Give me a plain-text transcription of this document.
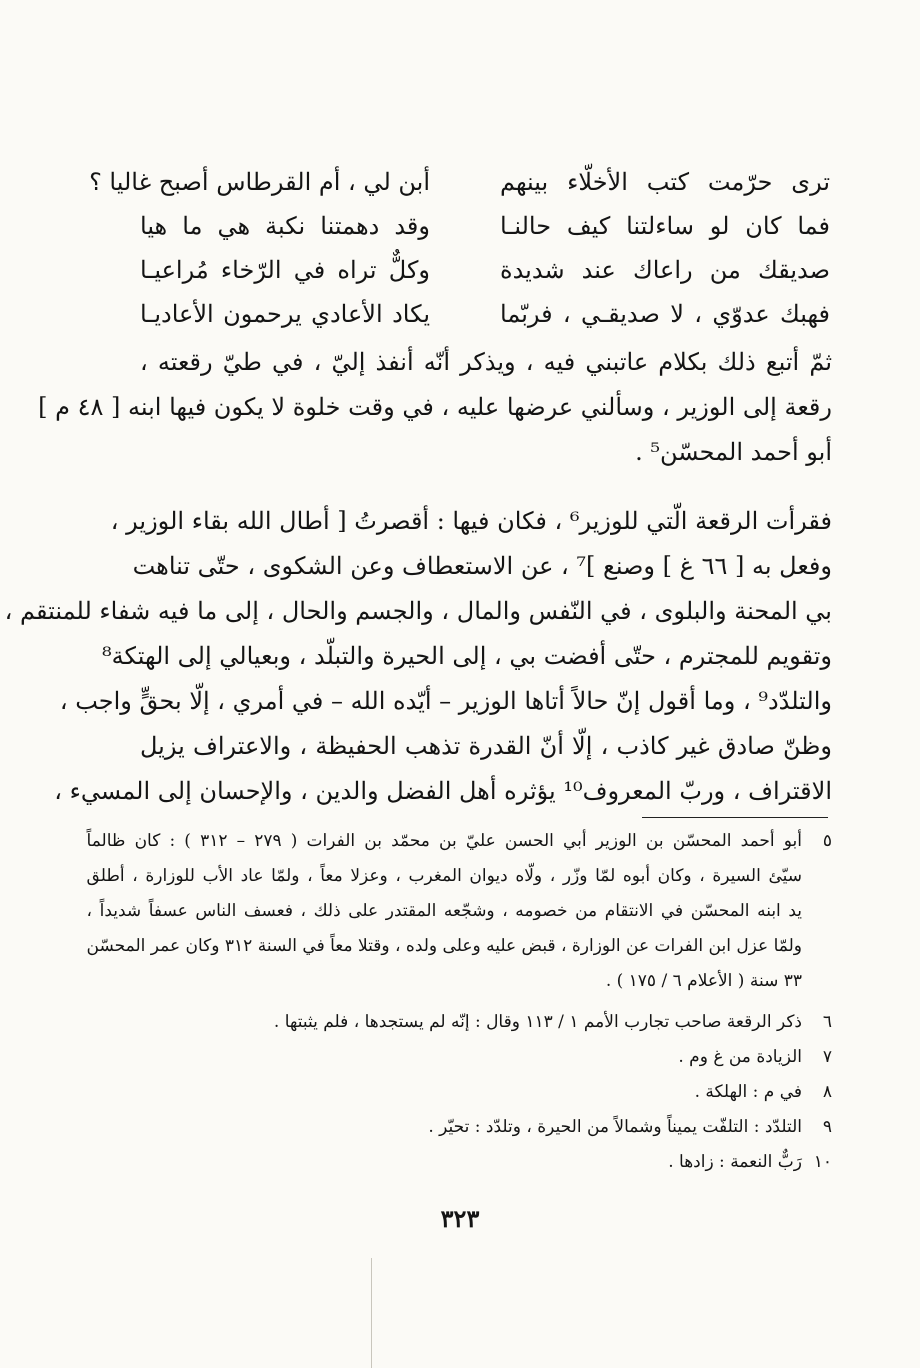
ترى حرّمت كتب الأخلّاء بينهم
أبن لي ، أم القرطاس أصبح غاليا ؟
فما كان لو ساءلتنا كيف حالنـا
وقد دهمتنا نكبة هي ما هيا
صديقك من راعاك عند شديدة
وكلٌّ تراه في الرّخاء مُراعيـا
فهبك عدوّي ، لا صديقـي ، فربّما
يكاد الأعادي يرحمون الأعاديـا

ثمّ أتبع ذلك بكلام عاتبني فيه ، ويذكر أنّه أنفذ إليّ ، في طيّ رقعته ،

رقعة إلى الوزير ، وسألني عرضها عليه ، في وقت خلوة لا يكون فيها ابنه [ ٤٨ م ]

أبو أحمد المحسّن⁵ .

فقرأت الرقعة الّتي للوزير⁶ ، فكان فيها : أقصرتُ [ أطال الله بقاء الوزير ،

وفعل به [ ٦٦ غ ] وصنع ]⁷ ، عن الاستعطاف وعن الشكوى ، حتّى تناهت

بي المحنة والبلوى ، في النّفس والمال ، والجسم والحال ، إلى ما فيه شفاء للمنتقم ،

وتقويم للمجترم ، حتّى أفضت بي ، إلى الحيرة والتبلّد ، وبعيالي إلى الهتكة⁸

والتلدّد⁹ ، وما أقول إنّ حالاً أتاها الوزير – أيّده الله – في أمري ، إلّا بحقٍّ واجب ،

وظنّ صادق غير كاذب ، إلّا أنّ القدرة تذهب الحفيظة ، والاعتراف يزيل

الاقتراف ، وربّ المعروف¹⁰ يؤثره أهل الفضل والدين ، والإحسان إلى المسيء ،

٥
أبو أحمد المحسّن بن الوزير أبي الحسن عليّ بن محمّد بن الفرات ( ٢٧٩ – ٣١٢ ) : كان ظالماً
سيّئ السيرة ، وكان أبوه لمّا وزّر ، ولّاه ديوان المغرب ، وعزلا معاً ، ولمّا عاد الأب للوزارة ، أطلق
يد ابنه المحسّن في الانتقام من خصومه ، وشجّعه المقتدر على ذلك ، فعسف الناس عسفاً شديداً ،
ولمّا عزل ابن الفرات عن الوزارة ، قبض عليه وعلى ولده ، وقتلا معاً في السنة ٣١٢ وكان عمر المحسّن
٣٣ سنة ( الأعلام ٦ / ١٧٥ ) .
٦
ذكر الرقعة صاحب تجارب الأمم ١ / ١١٣ وقال : إنّه لم يستجدها ، فلم يثبتها .
٧
الزيادة من غ وم .
٨
في م : الهلكة .
٩
التلدّد : التلفّت يميناً وشمالاً من الحيرة ، وتلدّد : تحيّر .
١٠
رَبٌّ النعمة : زادها .
٣٢٣
